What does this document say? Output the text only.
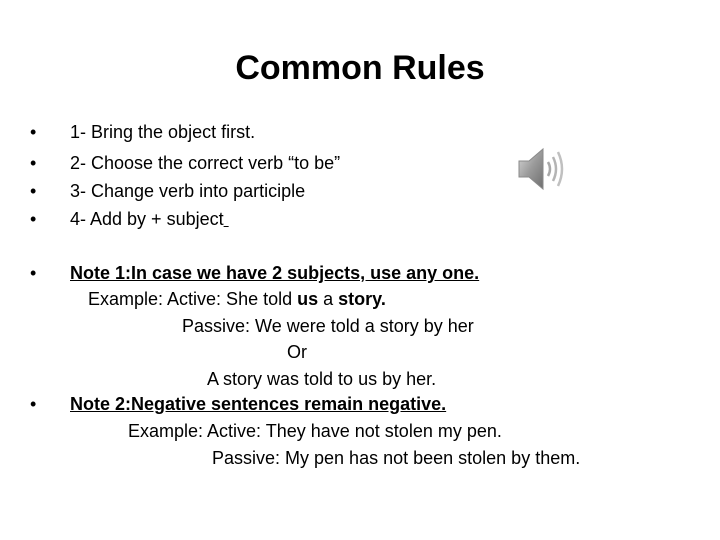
Common Rules
• 1- Bring the object first.
• 2- Choose the correct verb “to be”
• 3- Change verb into participle
• 4- Add by + subject
• Note 1:In case we have 2 subjects, use any one.
Example: Active: She told us a story.
Passive: We were told a story by her
Or
A story was told to us by her.
• Note 2:Negative sentences remain negative.
Example: Active: They have not stolen my pen.
Passive: My pen has not been stolen by them.
